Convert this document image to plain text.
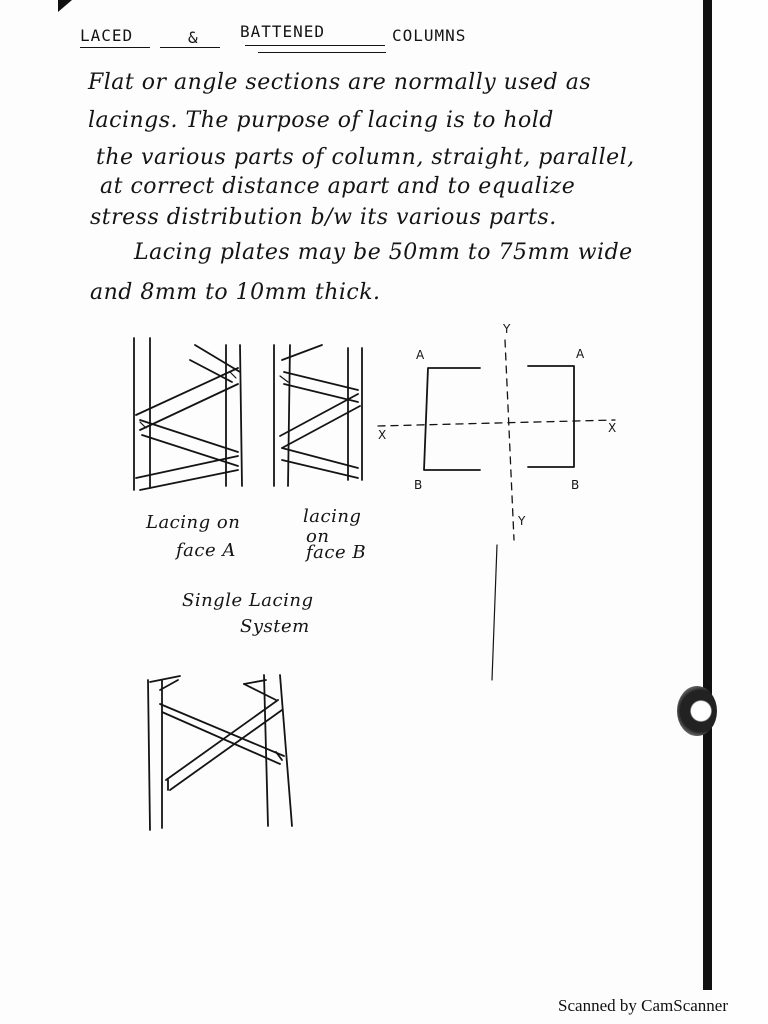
LACED	&	BATTENED	COLUMNS
Flat or angle sections are normally used as
lacings. The purpose of lacing is to hold
the various parts of column, straight, parallel,
at correct distance apart and to equalize
stress distribution b/w its various parts.
Lacing plates may be 50mm to 75mm wide
and 8mm to 10mm thick.
Y
Y
X	X
A	A
B	B
Lacing on
face A
lacing
on
face B
Single Lacing
System
Scanned by CamScanner
